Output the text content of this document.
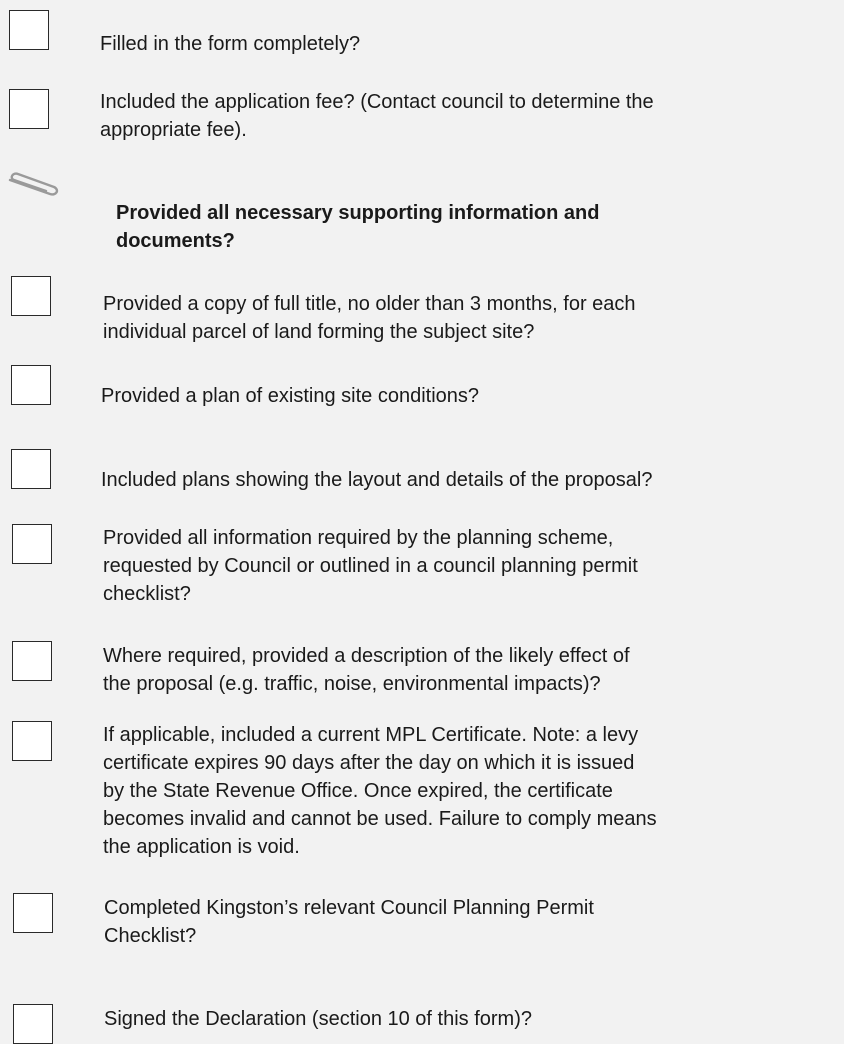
Filled in the form completely?
Included the application fee? (Contact council to determine the
appropriate fee).
Provided all necessary supporting information and
documents?
Provided a copy of full title, no older than 3 months, for each
individual parcel of land forming the subject site?
Provided a plan of existing site conditions?
Included plans showing the layout and details of the proposal?
Provided all information required by the planning scheme,
requested by Council or outlined in a council planning permit
checklist?
Where required, provided a description of the likely effect of
the proposal (e.g. traffic, noise, environmental impacts)?
If applicable, included a current MPL Certificate. Note: a levy
certificate expires 90 days after the day on which it is issued
by the State Revenue Office. Once expired, the certificate
becomes invalid and cannot be used. Failure to comply means
the application is void.
Completed Kingston’s relevant Council Planning Permit
Checklist?
Signed the Declaration (section 10 of this form)?
